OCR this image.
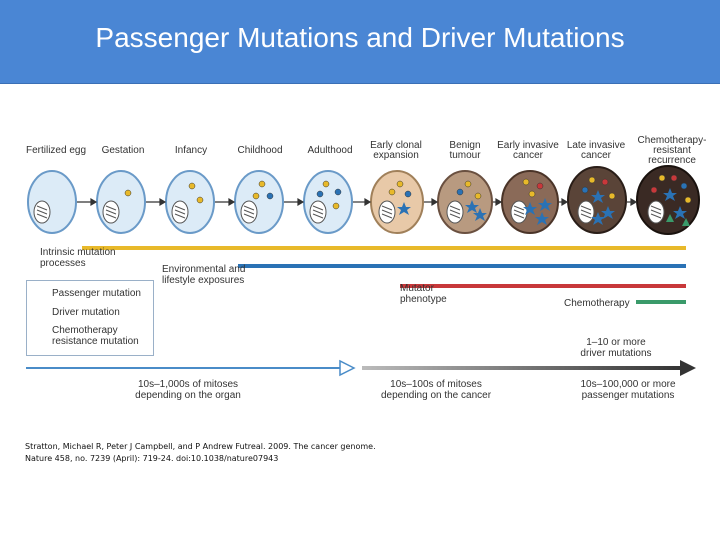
Passenger Mutations and Driver Mutations
Fertilized egg	Gestation	Infancy	Childhood	Adulthood	Early clonal expansion
Benign tumour
Early invasive cancer
Late invasive cancer
Chemotherapy-resistant recurrence
Intrinsic mutation processes
Environmental and lifestyle exposures
Mutator phenotype	Chemotherapy
Passenger mutation
Driver mutation
Chemotherapy resistance mutation
10s–1,000s of mitoses depending on the organ
10s–100s of mitoses depending on the cancer
1–10 or more driver mutations
10s–100,000 or more passenger mutations
Stratton, Michael R, Peter J Campbell, and P Andrew Futreal. 2009. The cancer genome. Nature 458, no. 7239 (April): 719-24. doi:10.1038/nature07943
